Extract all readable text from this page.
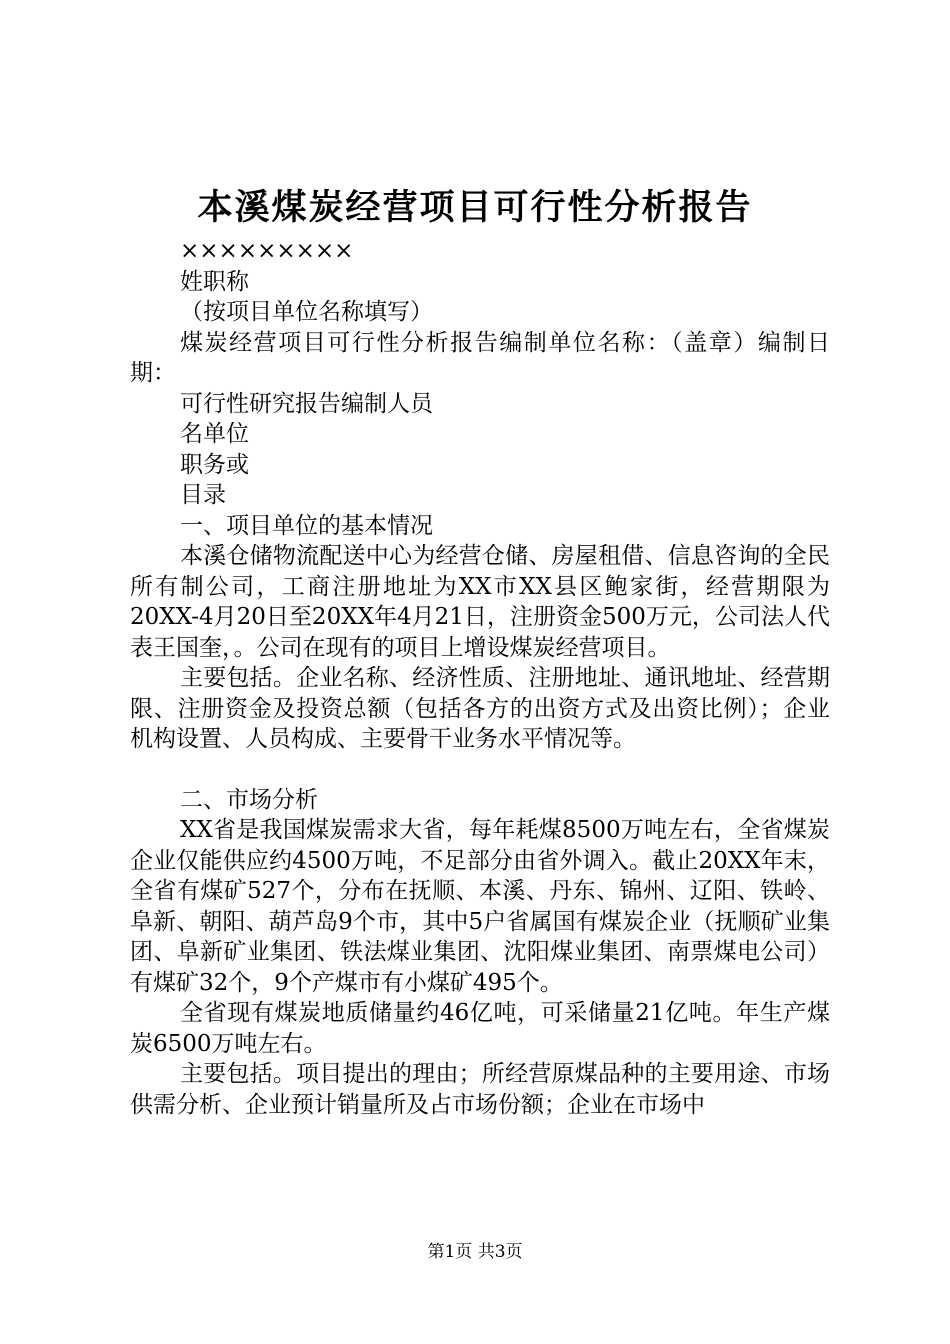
本溪煤炭经营项目可行性分析报告

×××××××××

姓职称

（按项目单位名称填写）

煤炭经营项目可行性分析报告编制单位名称：（盖章）编制日期：

可行性研究报告编制人员

名单位

职务或

目录

一、项目单位的基本情况

本溪仓储物流配送中心为经营仓储、房屋租借、信息咨询的全民所有制公司，工商注册地址为XX市XX县区鲍家街，经营期限为20XX-4月20日至20XX年4月21日，注册资金500万元，公司法人代表王国奎，。公司在现有的项目上增设煤炭经营项目。

主要包括。企业名称、经济性质、注册地址、通讯地址、经营期限、注册资金及投资总额（包括各方的出资方式及出资比例）；企业机构设置、人员构成、主要骨干业务水平情况等。

二、市场分析

XX省是我国煤炭需求大省，每年耗煤8500万吨左右，全省煤炭企业仅能供应约4500万吨，不足部分由省外调入。截止20XX年末，全省有煤矿527个，分布在抚顺、本溪、丹东、锦州、辽阳、铁岭、阜新、朝阳、葫芦岛9个市，其中5户省属国有煤炭企业（抚顺矿业集团、阜新矿业集团、铁法煤业集团、沈阳煤业集团、南票煤电公司）有煤矿32个，9个产煤市有小煤矿495个。

全省现有煤炭地质储量约46亿吨，可采储量21亿吨。年生产煤炭6500万吨左右。

主要包括。项目提出的理由；所经营原煤品种的主要用途、市场供需分析、企业预计销量所及占市场份额；企业在市场中

第1页 共3页
